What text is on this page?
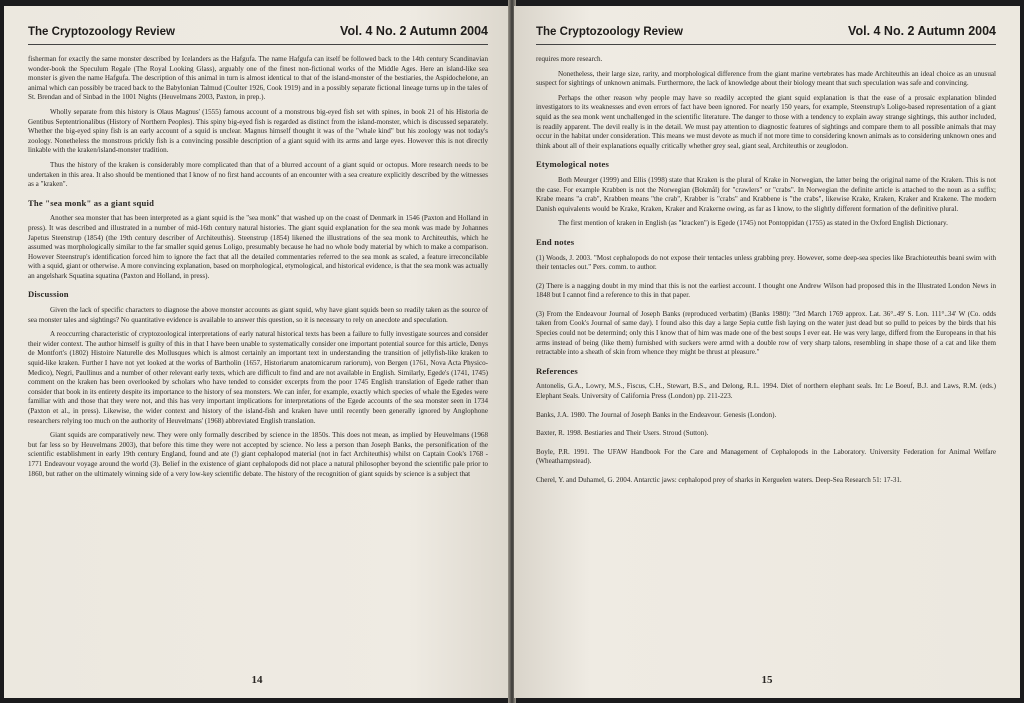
The Cryptozoology Review	Vol. 4 No. 2 Autumn 2004

fisherman for exactly the same monster described by Icelanders as the Hafgufa. The name Hafgufa can itself be followed back to the 14th century Scandinavian wonder-book the Speculum Regale (The Royal Looking Glass), arguably one of the finest non-fictional works of the Middle Ages. Here an island-like sea monster is given the name Hafgufa. The description of this animal in turn is almost identical to that of the island-monster of the bestiaries, the Aspidochelone, an animal which can possibly be traced back to the Babylonian Talmud (Coulter 1926, Cook 1919) and in a possibly separate fictional lineage turns up in the tales of St. Brendan and of Sinbad in the 1001 Nights (Heuvelmans 2003, Paxton, in prep.).

Wholly separate from this history is Olaus Magnus' (1555) famous account of a monstrous big-eyed fish set with spines, in book 21 of his Historia de Gentibus Septentrionalibus (History of Northern Peoples). This spiny big-eyed fish is regarded as distinct from the island-monster, which is discussed separately. Whether the big-eyed spiny fish is an early account of a squid is unclear. Magnus himself thought it was of the "whale kind" but his zoology was not today's zoology. Nonetheless the monstrous prickly fish is a convincing possible description of a giant squid with its arms and large eyes. However this is not directly linkable with the kraken/island-monster tradition.

Thus the history of the kraken is considerably more complicated than that of a blurred account of a giant squid or octopus. More research needs to be undertaken in this area. It also should be mentioned that I know of no first hand accounts of an encounter with a sea creature explicitly described by the witnesses as a "kraken".

The "sea monk" as a giant squid

Another sea monster that has been interpreted as a giant squid is the "sea monk" that washed up on the coast of Denmark in 1546 (Paxton and Holland in press). It was described and illustrated in a number of mid-16th century natural histories. The giant squid explanation for the sea monk was made by Johannes Japetus Steenstrup (1854) (the 19th century describer of Architeuthis). Steenstrup (1854) likened the illustrations of the sea monk to Architeuthis, which he assumed was morphologically similar to the far smaller squid genus Loligo, presumably because he had no whole body material by which to make a comparison. However Steenstrup's identification forced him to ignore the fact that all the detailed commentaries referred to the sea monk as scaled, a feature irreconcilable with a squid, giant or otherwise. A more convincing explanation, based on morphological, etymological, and historical evidence, is that the sea monk was actually an angelshark Squatina squatina (Paxton and Holland, in press).

Discussion

Given the lack of specific characters to diagnose the above monster accounts as giant squid, why have giant squids been so readily taken as the source of sea monster tales and sightings? No quantitative evidence is available to answer this question, so it is necessary to rely on anecdote and speculation.

A reoccurring characteristic of cryptozoological interpretations of early natural historical texts has been a failure to fully investigate sources and consider their wider context. The author himself is guilty of this in that I have been unable to systematically consider one important potential source for this article, Denys de Montfort's (1802) Histoire Naturelle des Mollusques which is almost certainly an important text in understanding the transition of jellyfish-like kraken to squid-like kraken. Further I have not yet looked at the works of Bartholin (1657, Historiarum anatomicarum rariorum), von Bergen (1761, Nova Acta Physico-Medico), Negri, Paullinus and a number of other relevant early texts, which are difficult to find and are not available in English. Similarly, Egede's (1741, 1745) comment on the kraken has been overlooked by scholars who have tended to consider excerpts from the poor 1745 English translation of Egede rather than consider that book in its entirety despite its importance to the history of sea monsters. We can infer, for example, exactly which species of whale the Egedes were familiar with and those that they were not, and this has very important implications for interpretations of the Egede accounts of the sea monster seen in 1734 (Paxton et al., in press). Likewise, the wider context and history of the island-fish and kraken have until recently been generally ignored by Anglophone researchers relying too much on the authority of Heuvelmans' (1968) abbreviated English translation.

Giant squids are comparatively new. They were only formally described by science in the 1850s. This does not mean, as implied by Heuvelmans (1968 but far less so by Heuvelmans 2003), that before this time they were not accepted by science. No less a person than Joseph Banks, the personification of the scientific establishment in early 19th century England, found and ate (!) giant cephalopod material (not in fact Architeuthis) whilst on Captain Cook's 1768 - 1771 Endeavour voyage around the world (3). Belief in the existence of giant cephalopods did not place a natural philosopher beyond the scientific pale prior to 1860, but rather on the ultimately winning side of a very low-key scientific debate. The history of the recognition of giant squids by science is a subject that

14
The Cryptozoology Review	Vol. 4 No. 2 Autumn 2004

requires more research.

Nonetheless, their large size, rarity, and morphological difference from the giant marine vertebrates has made Architeuthis an ideal choice as an unusual suspect for sightings of unknown animals. Furthermore, the lack of knowledge about their biology meant that such speculation was safe and convincing.

Perhaps the other reason why people may have so readily accepted the giant squid explanation is that the ease of a prosaic explanation blinded investigators to its weaknesses and even errors of fact have been ignored. For nearly 150 years, for example, Steenstrup's Loligo-based representation of a giant squid as the sea monk went unchallenged in the scientific literature. The danger to those with a tendency to explain away strange sightings, this author included, is readily apparent. The devil really is in the detail. We must pay attention to diagnostic features of sightings and compare them to all possible animals that may occur in the habitat under consideration. This means we must devote as much if not more time to considering known animals as to considering unknown ones and think about all of their explanations equally critically whether grey seal, giant seal, Architeuthis or zeuglodon.

Etymological notes

Both Meurger (1999) and Ellis (1998) state that Kraken is the plural of Krake in Norwegian, the latter being the original name of the Kraken. This is not the case. For example Krabben is not the Norwegian (Bokmål) for "crawlers" or "crabs". In Norwegian the definite article is attached to the noun as a suffix; Krabe means "a crab", Krabben means "the crab", Krabber is "crabs" and Krabbene is "the crabs", likewise Krake, Kraken, Kraker and Krakene. The modern Danish equivalents would be Krake, Kraken, Kraker and Krakerne owing, as far as I know, to the slightly different formation of the definitive plural.

The first mention of kraken in English (as "kracken") is Egede (1745) not Pontoppidan (1755) as stated in the Oxford English Dictionary.

End notes

(1) Woods, J. 2003. "Most cephalopods do not expose their tentacles unless grabbing prey. However, some deep-sea species like Brachioteuthis beani swim with their tentacles out." Pers. comm. to author.

(2) There is a nagging doubt in my mind that this is not the earliest account. I thought one Andrew Wilson had proposed this in the Illustrated London News in 1848 but I cannot find a reference to this in that paper.

(3) From the Endeavour Journal of Joseph Banks (reproduced verbatim) (Banks 1980): "3rd March 1769 approx. Lat. 36°..49' S. Lon. 111°..34' W (Co. odds taken from Cook's Journal of same day). I found also this day a large Sepia cuttle fish laying on the water just dead but so pulld to peices by the birds that his Species could not be determind; only this I know that of him was made one of the best soups I ever eat. He was very large, differd from the Europeans in that his arms instead of being (like them) furnished with suckers were armd with a double row of very sharp talons, resembling in shape those of a cat and like them retractable into a sheath of skin from whence they might be thrust at pleasure."

References

Antonelis, G.A., Lowry, M.S., Fiscus, C.H., Stewart, B.S., and Delong, R.L. 1994. Diet of northern elephant seals. In: Le Boeuf, B.J. and Laws, R.M. (eds.) Elephant Seals. University of California Press (London) pp. 211-223.

Banks, J.A. 1980. The Journal of Joseph Banks in the Endeavour. Genesis (London).

Baxter, R. 1998. Bestiaries and Their Users. Stroud (Sutton).

Boyle, P.R. 1991. The UFAW Handbook For the Care and Management of Cephalopods in the Laboratory. University Federation for Animal Welfare (Wheathampstead).

Cherel, Y. and Duhamel, G. 2004. Antarctic jaws: cephalopod prey of sharks in Kerguelen waters. Deep-Sea Research 51: 17-31.

15
